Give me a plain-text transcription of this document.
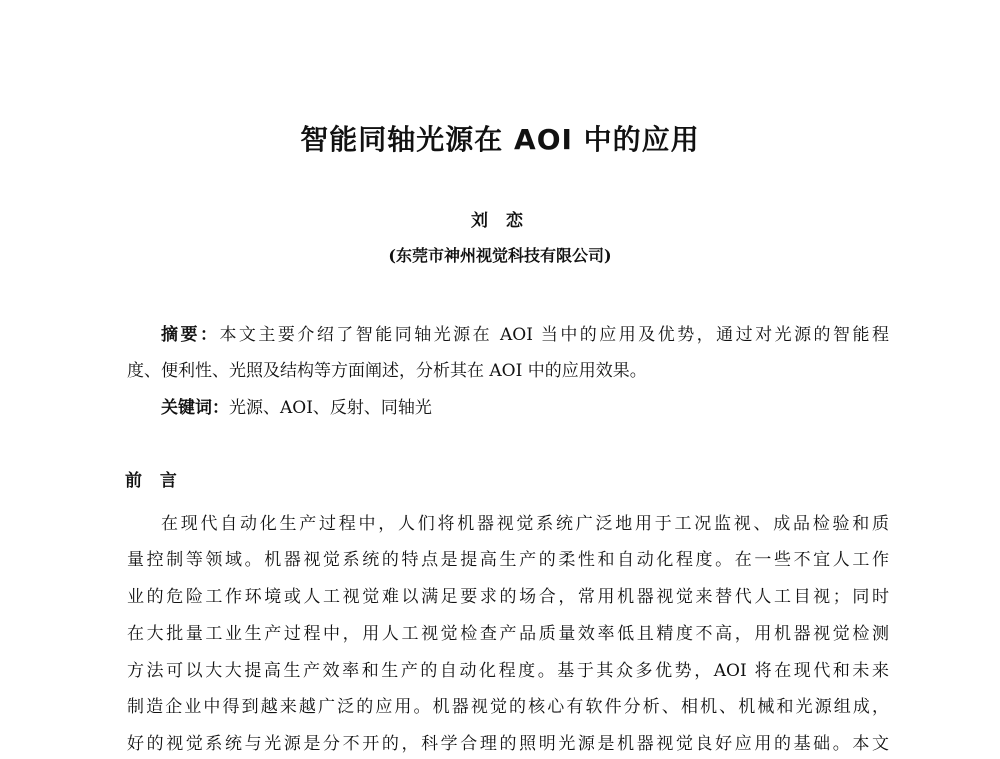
智能同轴光源在 AOI 中的应用
刘 恋
(东莞市神州视觉科技有限公司)
摘要：本文主要介绍了智能同轴光源在 AOI 当中的应用及优势，通过对光源的智能程
度、便利性、光照及结构等方面阐述，分析其在 AOI 中的应用效果。
关键词：光源、AOI、反射、同轴光
前 言
在现代自动化生产过程中，人们将机器视觉系统广泛地用于工况监视、成品检验和质
量控制等领域。机器视觉系统的特点是提高生产的柔性和自动化程度。在一些不宜人工作
业的危险工作环境或人工视觉难以满足要求的场合，常用机器视觉来替代人工目视；同时
在大批量工业生产过程中，用人工视觉检查产品质量效率低且精度不高，用机器视觉检测
方法可以大大提高生产效率和生产的自动化程度。基于其众多优势，AOI 将在现代和未来
制造企业中得到越来越广泛的应用。机器视觉的核心有软件分析、相机、机械和光源组成，
好的视觉系统与光源是分不开的，科学合理的照明光源是机器视觉良好应用的基础。本文
